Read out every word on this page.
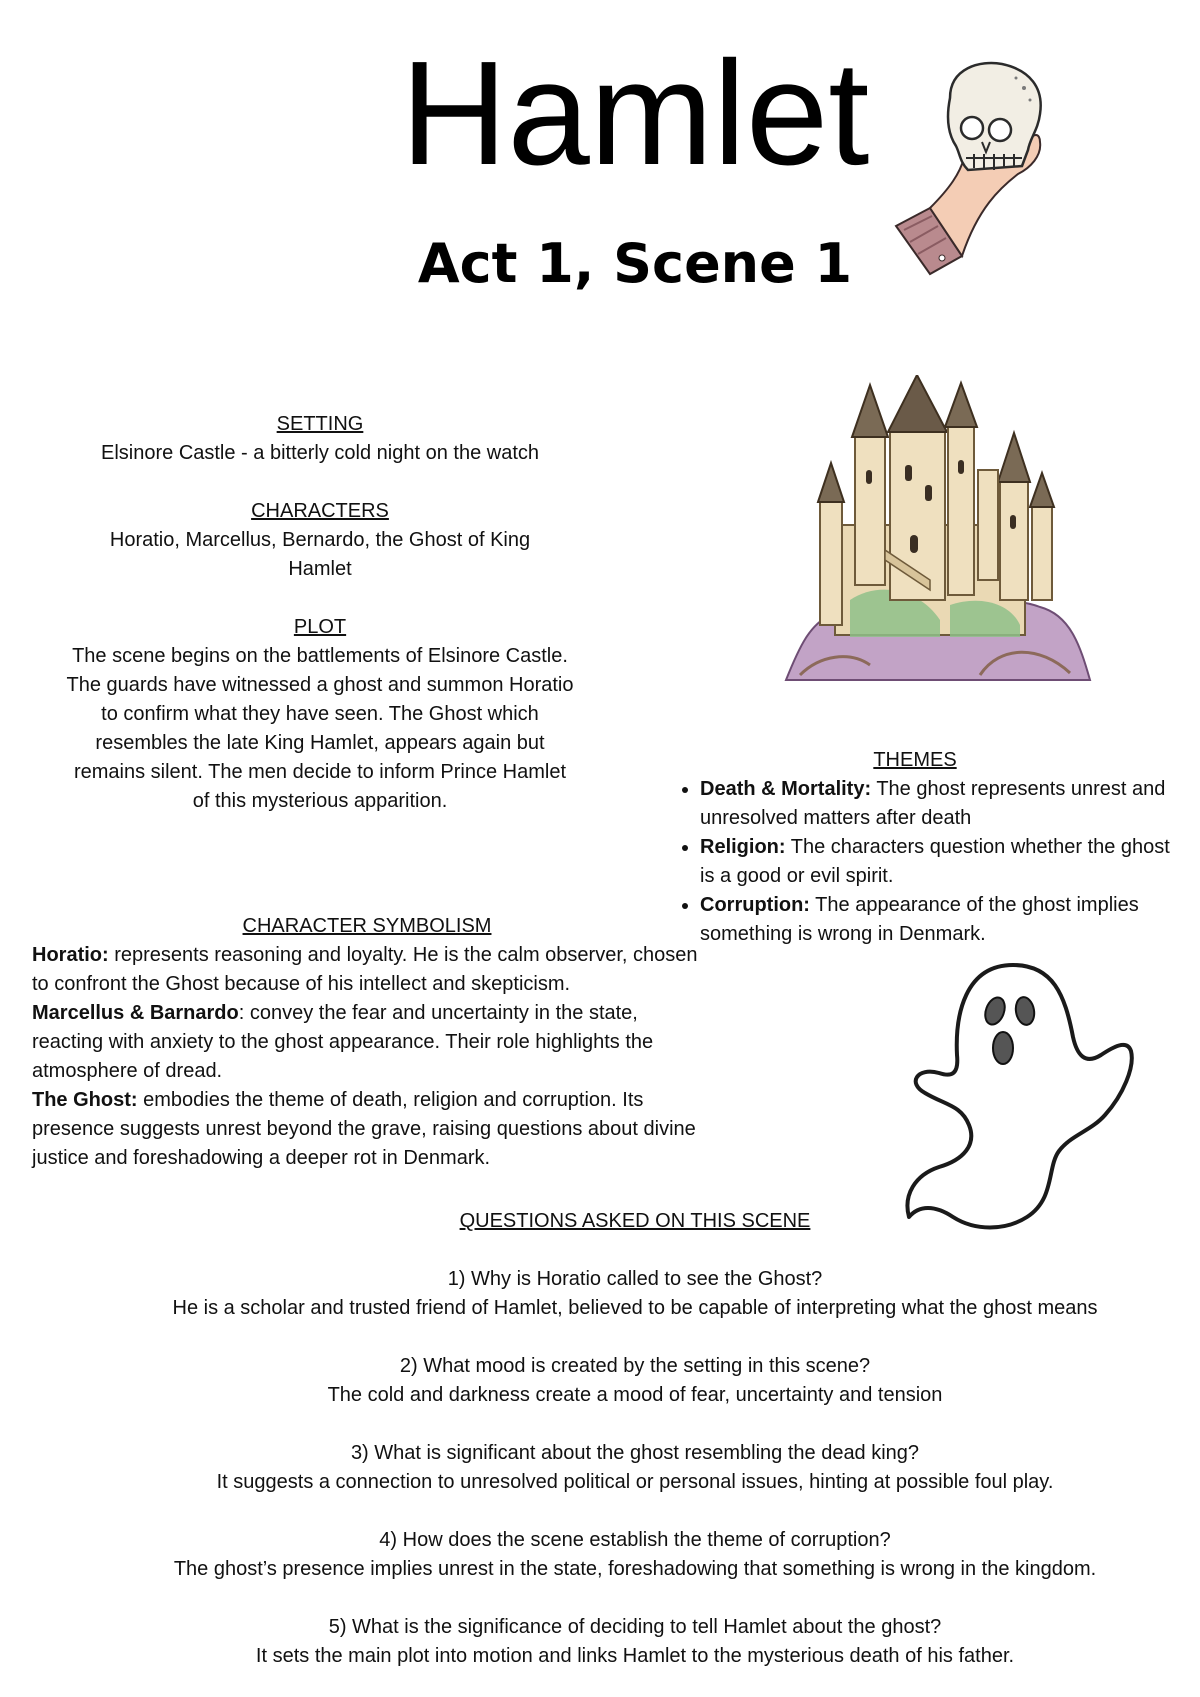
Hamlet
Act 1, Scene 1
SETTING
Elsinore Castle - a bitterly cold night on the watch
CHARACTERS
Horatio, Marcellus, Bernardo, the Ghost of King Hamlet
PLOT
The scene begins on the battlements of Elsinore Castle. The guards have witnessed a ghost and summon Horatio to confirm what they have seen. The Ghost which resembles the late King Hamlet, appears again but remains silent. The men decide to inform Prince Hamlet of this mysterious apparition.
THEMES
• Death & Mortality: The ghost represents unrest and unresolved matters after death
• Religion: The characters question whether the ghost is a good or evil spirit.
• Corruption: The appearance of the ghost implies something is wrong in Denmark.
CHARACTER SYMBOLISM
Horatio: represents reasoning and loyalty. He is the calm observer, chosen to confront the Ghost because of his intellect and skepticism.
Marcellus & Barnardo: convey the fear and uncertainty in the state, reacting with anxiety to the ghost appearance. Their role highlights the atmosphere of dread.
The Ghost: embodies the theme of death, religion and corruption. Its presence suggests unrest beyond the grave, raising questions about divine justice and foreshadowing a deeper rot in Denmark.
QUESTIONS ASKED ON THIS SCENE
1) Why is Horatio called to see the Ghost?
He is a scholar and trusted friend of Hamlet, believed to be capable of interpreting what the ghost means
2) What mood is created by the setting in this scene?
The cold and darkness create a mood of fear, uncertainty and tension
3) What is significant about the ghost resembling the dead king?
It suggests a connection to unresolved political or personal issues, hinting at possible foul play.
4) How does the scene establish the theme of corruption?
The ghost’s presence implies unrest in the state, foreshadowing that something is wrong in the kingdom.
5) What is the significance of deciding to tell Hamlet about the ghost?
It sets the main plot into motion and links Hamlet to the mysterious death of his father.
